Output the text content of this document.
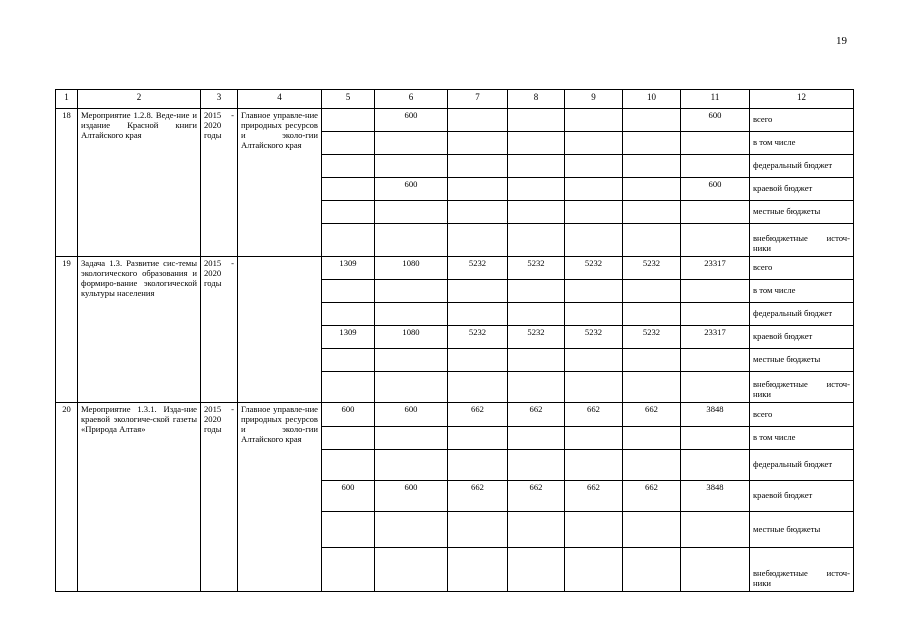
19
1	2	3	4	5	6	7	8	9	10	11	12
18	Мероприятие 1.2.8. Веде-ние и издание Красной книги Алтайского края	2015 - 2020 годы	Главное управле-ние природных ресурсов и эколо-гии Алтайского края		600					600	всего
											в том числе
											федеральный бюджет
					600					600	краевой бюджет
											местные бюджеты
											внебюджетные источ-ники
19	Задача 1.3. Развитие сис-темы экологического образования и формиро-вание экологической культуры населения	2015 - 2020 годы		1309	1080	5232	5232	5232	5232	23317	всего
											в том числе
											федеральный бюджет
				1309	1080	5232	5232	5232	5232	23317	краевой бюджет
											местные бюджеты
											внебюджетные источ-ники
20	Мероприятие 1.3.1. Изда-ние краевой экологиче-ской газеты «Природа Алтая»	2015 - 2020 годы	Главное управле-ние природных ресурсов и эколо-гии Алтайского края	600	600	662	662	662	662	3848	всего
											в том числе
											федеральный бюджет
				600	600	662	662	662	662	3848	краевой бюджет
											местные бюджеты
											внебюджетные источ-ники
